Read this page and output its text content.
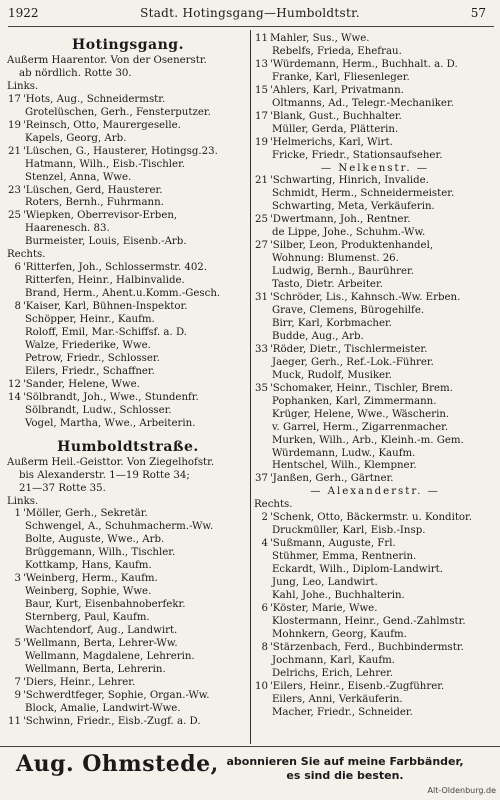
1922	Stadt. Hotingsgang—Humboldtstr.	57
Hotingsgang.
Außerm Haarentor. Von der Osenerstr.
ab nördlich. Rotte 30.
Links.
17 'Hots, Aug., Schneidermstr.
Grotelüschen, Gerh., Fensterputzer.
19 'Reinsch, Otto, Maurergeselle.
Kapels, Georg, Arb.
21 'Lüschen, G., Hausterer, Hotingsg.23.
Hatmann, Wilh., Eisb.-Tischler.
Stenzel, Anna, Wwe.
23 'Lüschen, Gerd, Hausterer.
Roters, Bernh., Fuhrmann.
25 'Wiepken, Oberrevisor-Erben,
Haarenesch. 83.
Burmeister, Louis, Eisenb.-Arb.
Rechts.
6 'Ritterfen, Joh., Schlossermstr. 402.
Ritterfen, Heinr., Halbinvalide.
Brand, Herm., Ahent.u.Komm.-Gesch.
8 'Kaiser, Karl, Bühnen-Inspektor.
Schöpper, Heinr., Kaufm.
Roloff, Emil, Mar.-Schiffsf. a. D.
Walze, Friederike, Wwe.
Petrow, Friedr., Schlosser.
Eilers, Friedr., Schaffner.
12 'Sander, Helene, Wwe.
14 'Sölbrandt, Joh., Wwe., Stundenfr.
Sölbrandt, Ludw., Schlosser.
Vogel, Martha, Wwe., Arbeiterin.
Humboldtstraße.
Außerm Heil.-Geisttor. Von Ziegelhofstr.
bis Alexanderstr. 1—19 Rotte 34;
21—37 Rotte 35.
Links.
1 'Möller, Gerh., Sekretär.
Schwengel, A., Schuhmacherm.-Ww.
Bolte, Auguste, Wwe., Arb.
Brüggemann, Wilh., Tischler.
Kottkamp, Hans, Kaufm.
3 'Weinberg, Herm., Kaufm.
Weinberg, Sophie, Wwe.
Baur, Kurt, Eisenbahnoberfekr.
Sternberg, Paul, Kaufm.
Wachtendorf, Aug., Landwirt.
5 'Wellmann, Berta, Lehrer-Ww.
Wellmann, Magdalene, Lehrerin.
Wellmann, Berta, Lehrerin.
7 'Diers, Heinr., Lehrer.
9 'Schwerdtfeger, Sophie, Organ.-Ww.
Block, Amalie, Landwirt-Wwe.
11 'Schwinn, Friedr., Eisb.-Zugf. a. D.
11 Mahler, Sus., Wwe.
Rebelfs, Frieda, Ehefrau.
13 'Würdemann, Herm., Buchhalt. a. D.
Franke, Karl, Fliesenleger.
15 'Ahlers, Karl, Privatmann.
Oltmanns, Ad., Telegr.-Mechaniker.
17 'Blank, Gust., Buchhalter.
Müller, Gerda, Plätterin.
19 'Helmerichs, Karl, Wirt.
Fricke, Friedr., Stationsaufseher.
— Nelkenstr. —
21 'Schwarting, Hinrich, Invalide.
Schmidt, Herm., Schneidermeister.
Schwarting, Meta, Verkäuferin.
25 'Dwertmann, Joh., Rentner.
de Lippe, Johe., Schuhm.-Ww.
27 'Silber, Leon, Produktenhandel,
Wohnung: Blumenst. 26.
Ludwig, Bernh., Baurührer.
Tasto, Dietr. Arbeiter.
31 'Schröder, Lis., Kahnsch.-Ww. Erben.
Grave, Clemens, Bürogehilfe.
Birr, Karl, Korbmacher.
Budde, Aug., Arb.
33 'Röder, Dietr., Tischlermeister.
Jaeger, Gerh., Ref.-Lok.-Führer.
Muck, Rudolf, Musiker.
35 'Schomaker, Heinr., Tischler, Brem.
Pophanken, Karl, Zimmermann.
Krüger, Helene, Wwe., Wäscherin.
v. Garrel, Herm., Zigarrenmacher.
Murken, Wilh., Arb., Kleinh.-m. Gem.
Würdemann, Ludw., Kaufm.
Hentschel, Wilh., Klempner.
37 'Janßen, Gerh., Gärtner.
— Alexanderstr. —
Rechts.
2 'Schenk, Otto, Bäckermstr. u. Konditor.
Druckmüller, Karl, Eisb.-Insp.
4 'Sußmann, Auguste, Frl.
Stühmer, Emma, Rentnerin.
Eckardt, Wilh., Diplom-Landwirt.
Jung, Leo, Landwirt.
Kahl, Johe., Buchhalterin.
6 'Köster, Marie, Wwe.
Klostermann, Heinr., Gend.-Zahlmstr.
Mohnkern, Georg, Kaufm.
8 'Stärzenbach, Ferd., Buchbindermstr.
Jochmann, Karl, Kaufm.
Delrichs, Erich, Lehrer.
10 'Eilers, Heinr., Eisenb.-Zugführer.
Eilers, Anni, Verkäuferin.
Macher, Friedr., Schneider.
Aug. Ohmstede, abonnieren Sie auf meine Farbbänder,
es sind die besten.
Alt-Oldenburg.de
